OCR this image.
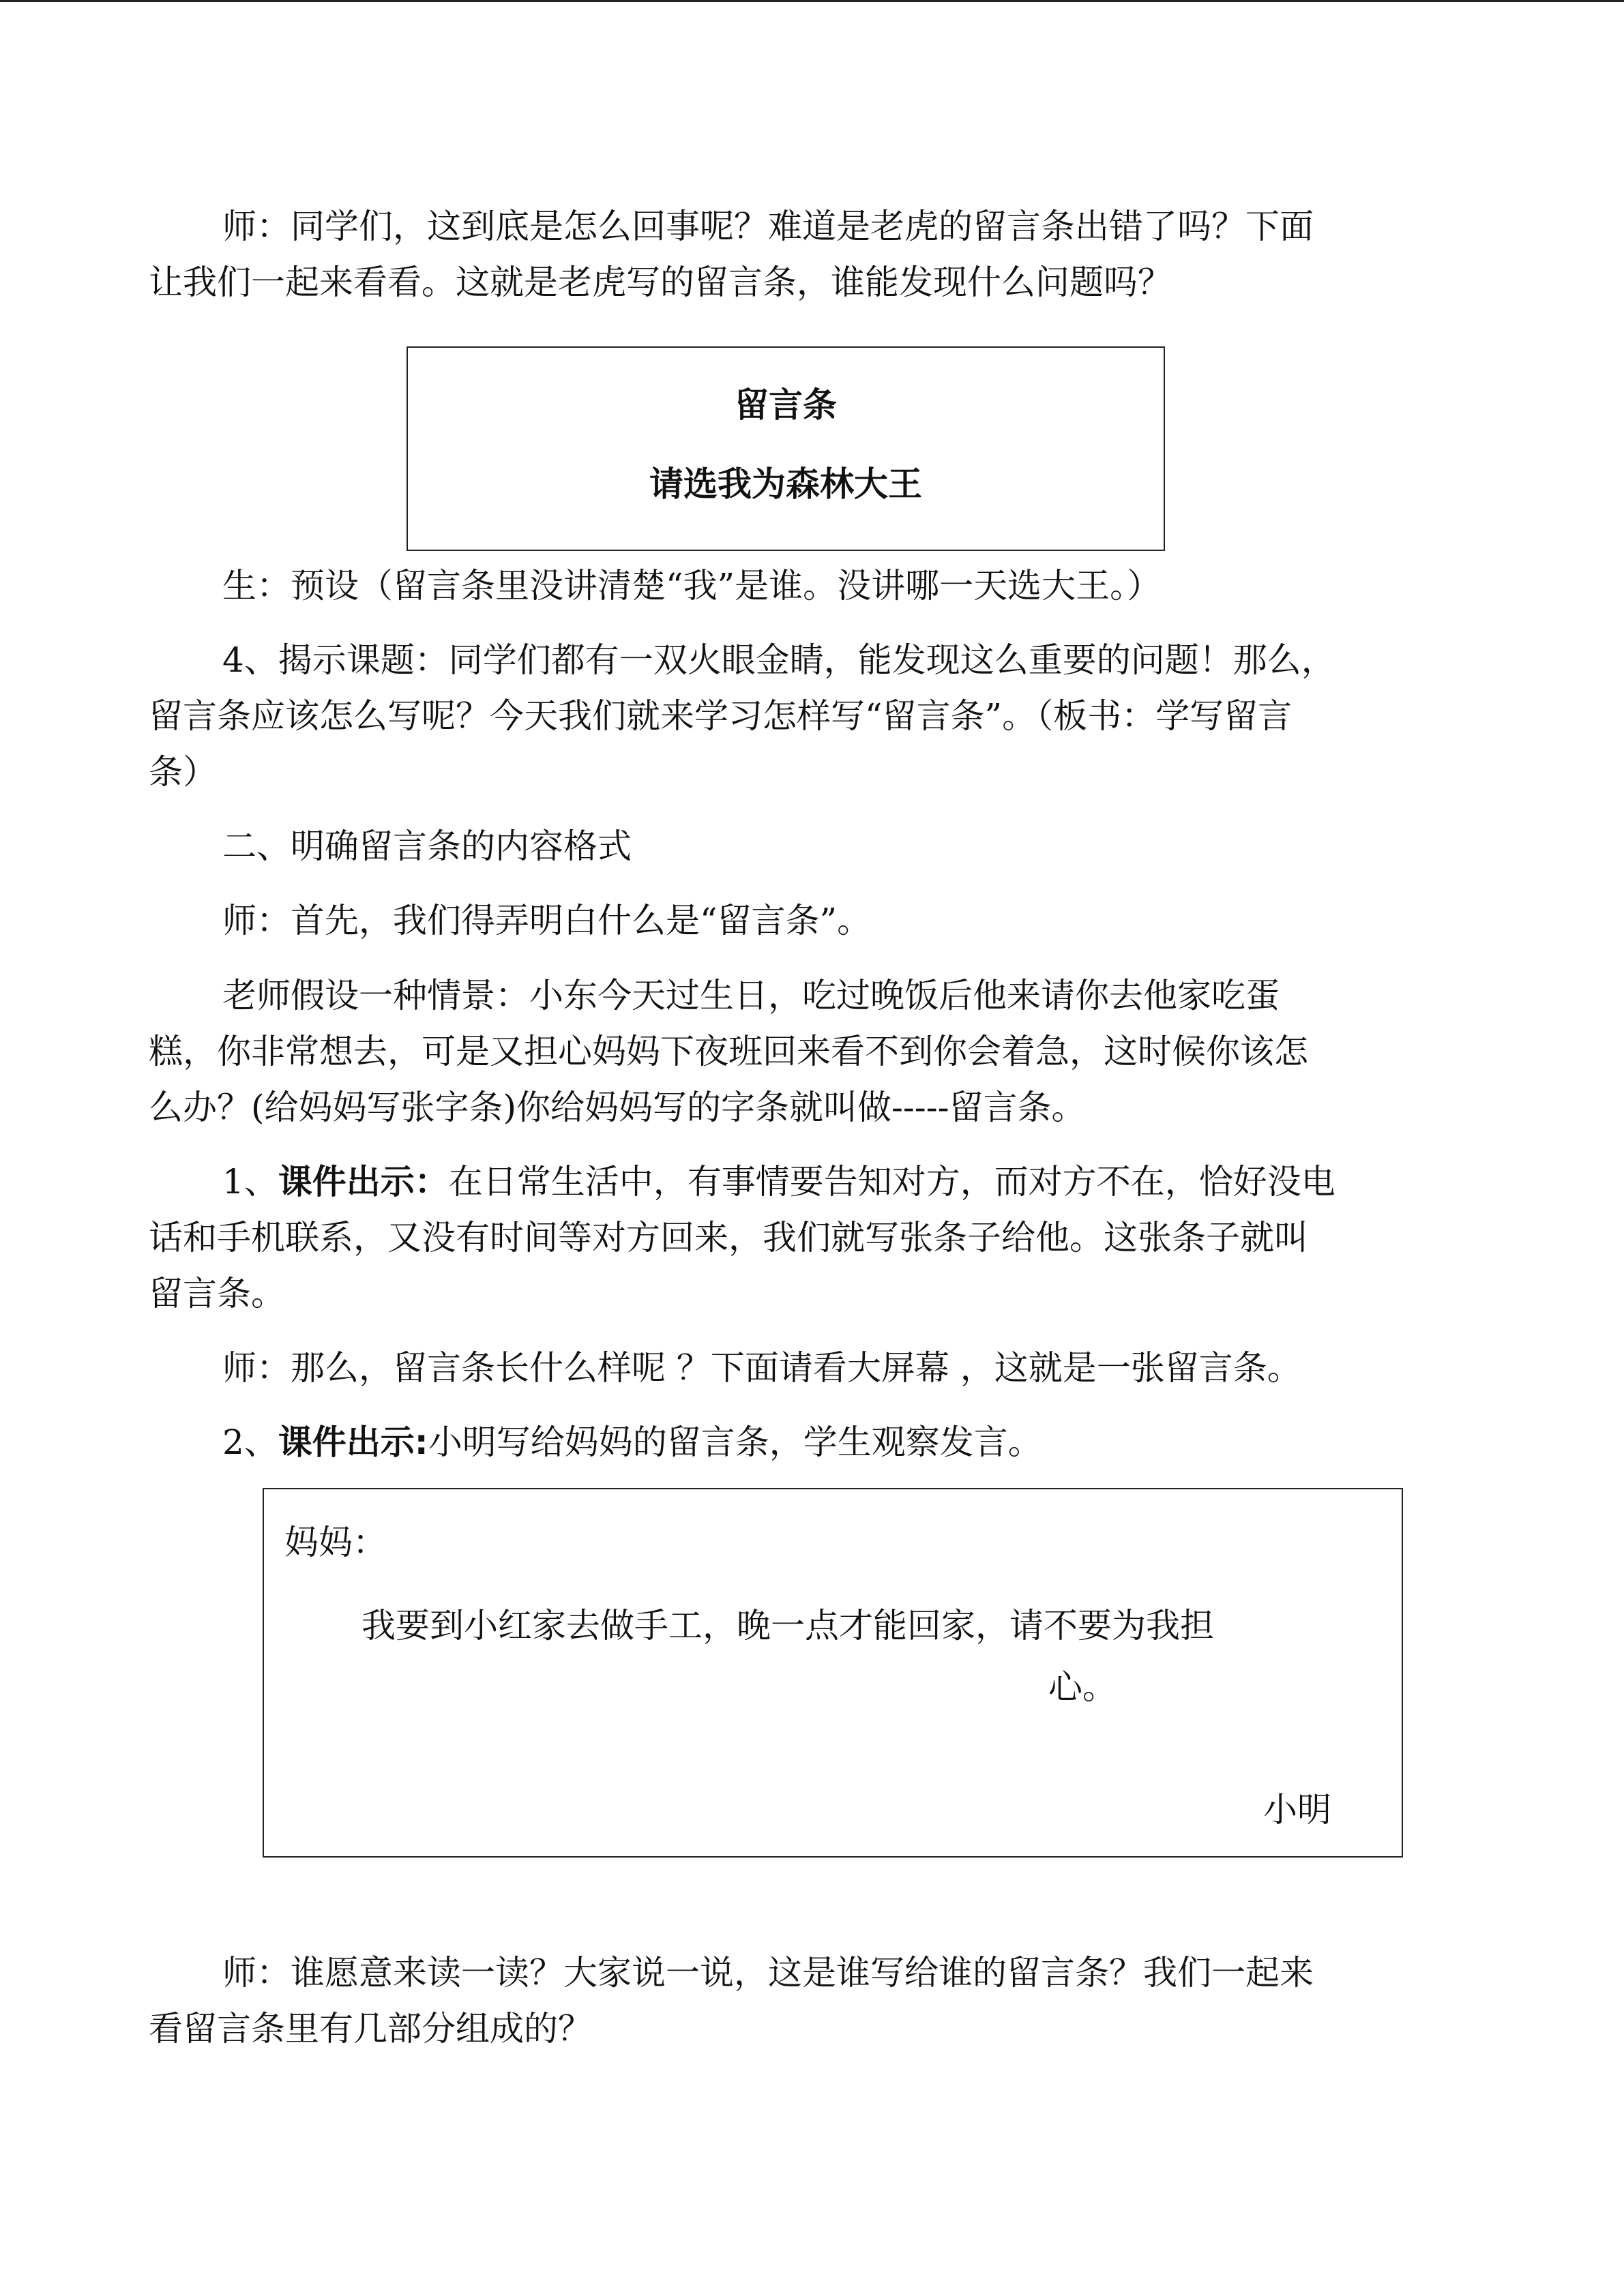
师：同学们，这到底是怎么回事呢？难道是老虎的留言条出错了吗？下面
让我们一起来看看。这就是老虎写的留言条，谁能发现什么问题吗？
留言条
请选我为森林大王
生：预设（留言条里没讲清楚“我”是谁。没讲哪一天选大王。）
4、揭示课题：同学们都有一双火眼金睛，能发现这么重要的问题！那么，
留言条应该怎么写呢？今天我们就来学习怎样写“留言条”。（板书：学写留言
条）
二、明确留言条的内容格式
师：首先，我们得弄明白什么是“留言条”。
老师假设一种情景：小东今天过生日，吃过晚饭后他来请你去他家吃蛋
糕，你非常想去，可是又担心妈妈下夜班回来看不到你会着急，这时候你该怎
么办？(给妈妈写张字条)你给妈妈写的字条就叫做-----留言条。
1、课件出示：在日常生活中，有事情要告知对方，而对方不在，恰好没电
话和手机联系，又没有时间等对方回来，我们就写张条子给他。这张条子就叫
留言条。
师：那么，留言条长什么样呢 ？下面请看大屏幕 ，这就是一张留言条。
2、课件出示:小明写给妈妈的留言条，学生观察发言。
妈妈：
我要到小红家去做手工，晚一点才能回家，请不要为我担
心。
小明
师：谁愿意来读一读？大家说一说，这是谁写给谁的留言条？我们一起来
看留言条里有几部分组成的？
